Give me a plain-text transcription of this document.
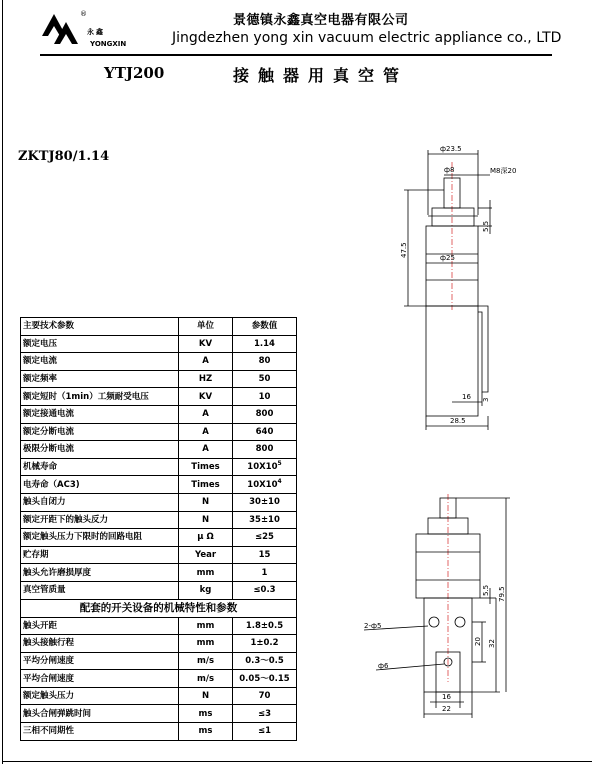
®
永鑫
YONGXIN
景德镇永鑫真空电器有限公司
Jingdezhen yong xin vacuum electric appliance co., LTD
YTJ200	接触器用真空管
ZKTJ80/1.14
主要技术参数	单位	参数值
额定电压	KV	1.14
额定电流	A	80
额定频率	HZ	50
额定短时（1min）工频耐受电压	KV	10
额定接通电流	A	800
额定分断电流	A	640
极限分断电流	A	800
机械寿命	Times	$10X10^5$
电寿命（AC3)	Times	$10X10^4$
触头自闭力	N	30±10
额定开距下的触头反力	N	35±10
额定触头压力下限时的回路电阻	μ Ω	≤25
贮存期	Year	15
触头允许磨损厚度	mm	1
真空管质量	kg	≤0.3
配套的开关设备的机械特性和参数		
触头开距	mm	1.8±0.5
触头接触行程	mm	1±0.2
平均分闸速度	m/s	0.3～0.5
平均合闸速度	m/s	0.05～0.15
额定触头压力	N	70
触头合闸弹跳时间	ms	≤3
三相不同期性	ms	≤1
ф23.5
ф8	M8深20
5.5
ф25
47.5
16 3
28.5
5.5 79.5
2-ф5
ф6
20 32
16
22
